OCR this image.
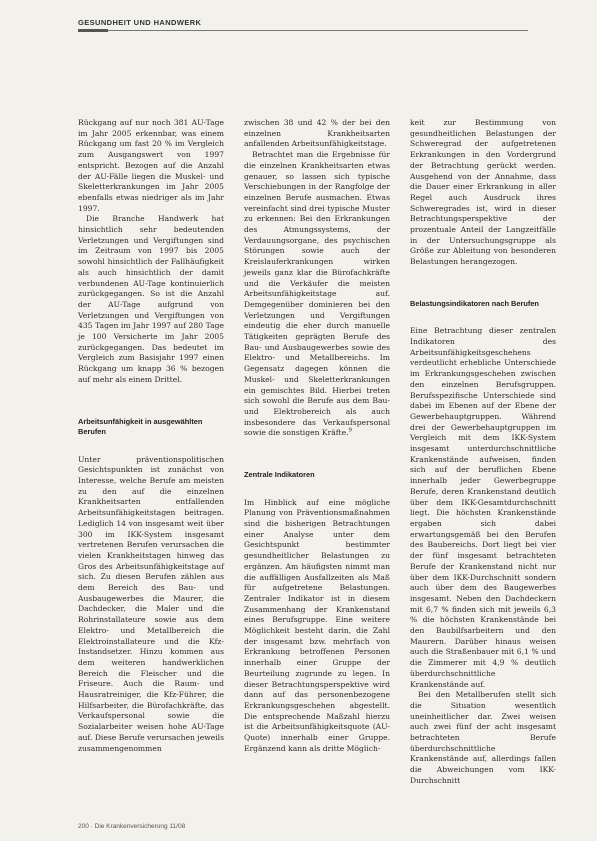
GESUNDHEIT UND HANDWERK

Rückgang auf nur noch 381 AU-Tage im Jahr 2005 erkennbar, was einem Rückgang um fast 20 % im Vergleich zum Ausgangswert von 1997 entspricht. Bezogen auf die Anzahl der AU-Fälle liegen die Muskel- und Skeletterkrankungen im Jahr 2005 ebenfalls etwas niedriger als im Jahr 1997.

Die Branche Handwerk hat hinsichtlich sehr bedeutenden Verletzungen und Vergiftungen sind im Zeitraum von 1997 bis 2005 sowohl hinsichtlich der Fallhäufigkeit als auch hinsichtlich der damit verbundenen AU-Tage kontinuierlich zurückgegangen. So ist die Anzahl der AU-Tage aufgrund von Verletzungen und Vergiftungen von 435 Tagen im Jahr 1997 auf 280 Tage je 100 Versicherte im Jahr 2005 zurückgegangen. Das bedeutet im Vergleich zum Basisjahr 1997 einen Rückgang um knapp 36 % bezogen auf mehr als einem Drittel.

Arbeitsunfähigkeit in ausgewählten Berufen

Unter präventionspolitischen Gesichtspunkten ist zunächst von Interesse, welche Berufe am meisten zu den auf die einzelnen Krankheitsarten entfallenden Arbeitsunfähigkeitstagen beitragen. Lediglich 14 von insgesamt weit über 300 im IKK-System insgesamt vertretenen Berufen verursachen die vielen Krankheitstagen hinweg das Gros des Arbeitsunfähigkeitstage auf sich. Zu diesen Berufen zählen aus dem Bereich des Bau- und Ausbaugewerbes die Maurer, die Dachdecker, die Maler und die Rohrinstallateure sowie aus dem Elektro- und Metallbereich die Elektroinstallateure und die Kfz-Instandsetzer. Hinzu kommen aus dem weiteren handwerklichen Bereich die Fleischer und die Friseure. Auch die Raum- und Hausratreiniger, die Kfz-Führer, die Hilfsarbeiter, die Bürofachkräfte, das Verkaufspersonal sowie die Sozialarbeiter weisen hohe AU-Tage auf. Diese Berufe verursachen jeweils zusammengenommen

zwischen 38 und 42 % der bei den einzelnen Krankheitsarten anfallenden Arbeitsunfähigkeitstage.

Betrachtet man die Ergebnisse für die einzelnen Krankheitsarten etwas genauer, so lassen sich typische Verschiebungen in der Rangfolge der einzelnen Berufe ausmachen. Etwas vereinfacht sind drei typische Muster zu erkennen: Bei den Erkrankungen des Atmungssystems, der Verdauungsorgane, des psychischen Störungen sowie auch der Kreislauferkrankungen wirken jeweils ganz klar die Bürofachkräfte und die Verkäufer die meisten Arbeitsunfähigkeitstage auf. Demgegenüber dominieren bei den Verletzungen und Vergiftungen eindeutig die eher durch manuelle Tätigkeiten geprägten Berufe des Bau- und Ausbaugewerbes sowie des Elektro- und Metallbereichs. Im Gegensatz dagegen können die Muskel- und Skeletterkrankungen ein gemischtes Bild. Hierbei treten sich sowohl die Berufe aus dem Bau- und Elektrobereich als auch insbesondere das Verkaufspersonal sowie die sonstigen Kräfte.$^9$

Zentrale Indikatoren

Im Hinblick auf eine mögliche Planung von Präventionsmaßnahmen sind die bisherigen Betrachtungen einer Analyse unter dem Gesichtspunkt bestimmter gesundheitlicher Belastungen zu ergänzen. Am häufigsten nimmt man die auffälligen Ausfallzeiten als Maß für aufgetretene Belastungen. Zentraler Indikator ist in diesem Zusammenhang der Krankenstand eines Berufsgruppe. Eine weitere Möglichkeit besteht darin, die Zahl der insgesamt bzw. mehrfach von Erkrankung betroffenen Personen innerhalb einer Gruppe der Beurteilung zugrunde zu legen. In dieser Betrachtungsperspektive wird dann auf das personenbezogene Erkrankungsgeschehen abgestellt. Die entsprechende Maßzahl hierzu ist die Arbeitsunfähigkeitsquote (AU-Quote) innerhalb einer Gruppe. Ergänzend kann als dritte Möglich-

keit zur Bestimmung von gesundheitlichen Belastungen der Schweregrad der aufgetretenen Erkrankungen in den Vordergrund der Betrachtung gerückt werden. Ausgehend von der Annahme, dass die Dauer einer Erkrankung in aller Regel auch Ausdruck ihres Schweregrades ist, wird in dieser Betrachtungsperspektive der prozentuale Anteil der Langzeitfälle in der Untersuchungsgruppe als Größe zur Ableitung von besonderen Belastungen herangezogen.

Belastungsindikatoren nach Berufen

Eine Betrachtung dieser zentralen Indikatoren des Arbeitsunfähigkeitsgeschehens verdeutlicht erhebliche Unterschiede im Erkrankungsgeschehen zwischen den einzelnen Berufsgruppen. Berufsspezifische Unterschiede sind dabei im Ebenen auf der Ebene der Gewerbehauptgruppen. Während drei der Gewerbehauptgruppen im Vergleich mit dem IKK-System insgesamt unterdurchschnittliche Krankenstände aufweisen, finden sich auf der beruflichen Ebene innerhalb jeder Gewerbegruppe Berufe, deren Krankenstand deutlich über dem IKK-Gesamtdurchschnitt liegt. Die höchsten Krankenstände ergaben sich dabei erwartungsgemäß bei den Berufen des Baubereichs. Dort liegt bei vier der fünf insgesamt betrachteten Berufe der Krankenstand nicht nur über dem IKK-Durchschnitt sondern auch über dem des Baugewerbes insgesamt. Neben den Dachdeckern mit 6,7 % finden sich mit jeweils 6,3 % die höchsten Krankenstände bei den Baubilfsarbeitern und den Maurern. Darüber hinaus weisen auch die Straßenbauer mit 6,1 % und die Zimmerer mit 4,9 % deutlich überdurchschnittliche Krankenstände auf.

Bei den Metallberufen stellt sich die Situation wesentlich uneinheitlicher dar. Zwei weisen auch zwei fünf der acht insgesamt betrachteten Berufe überdurchschnittliche Krankenstände auf, allerdings fallen die Abweichungen vom IKK-Durchschnitt

200 · Die Krankenversicherung 11/08
